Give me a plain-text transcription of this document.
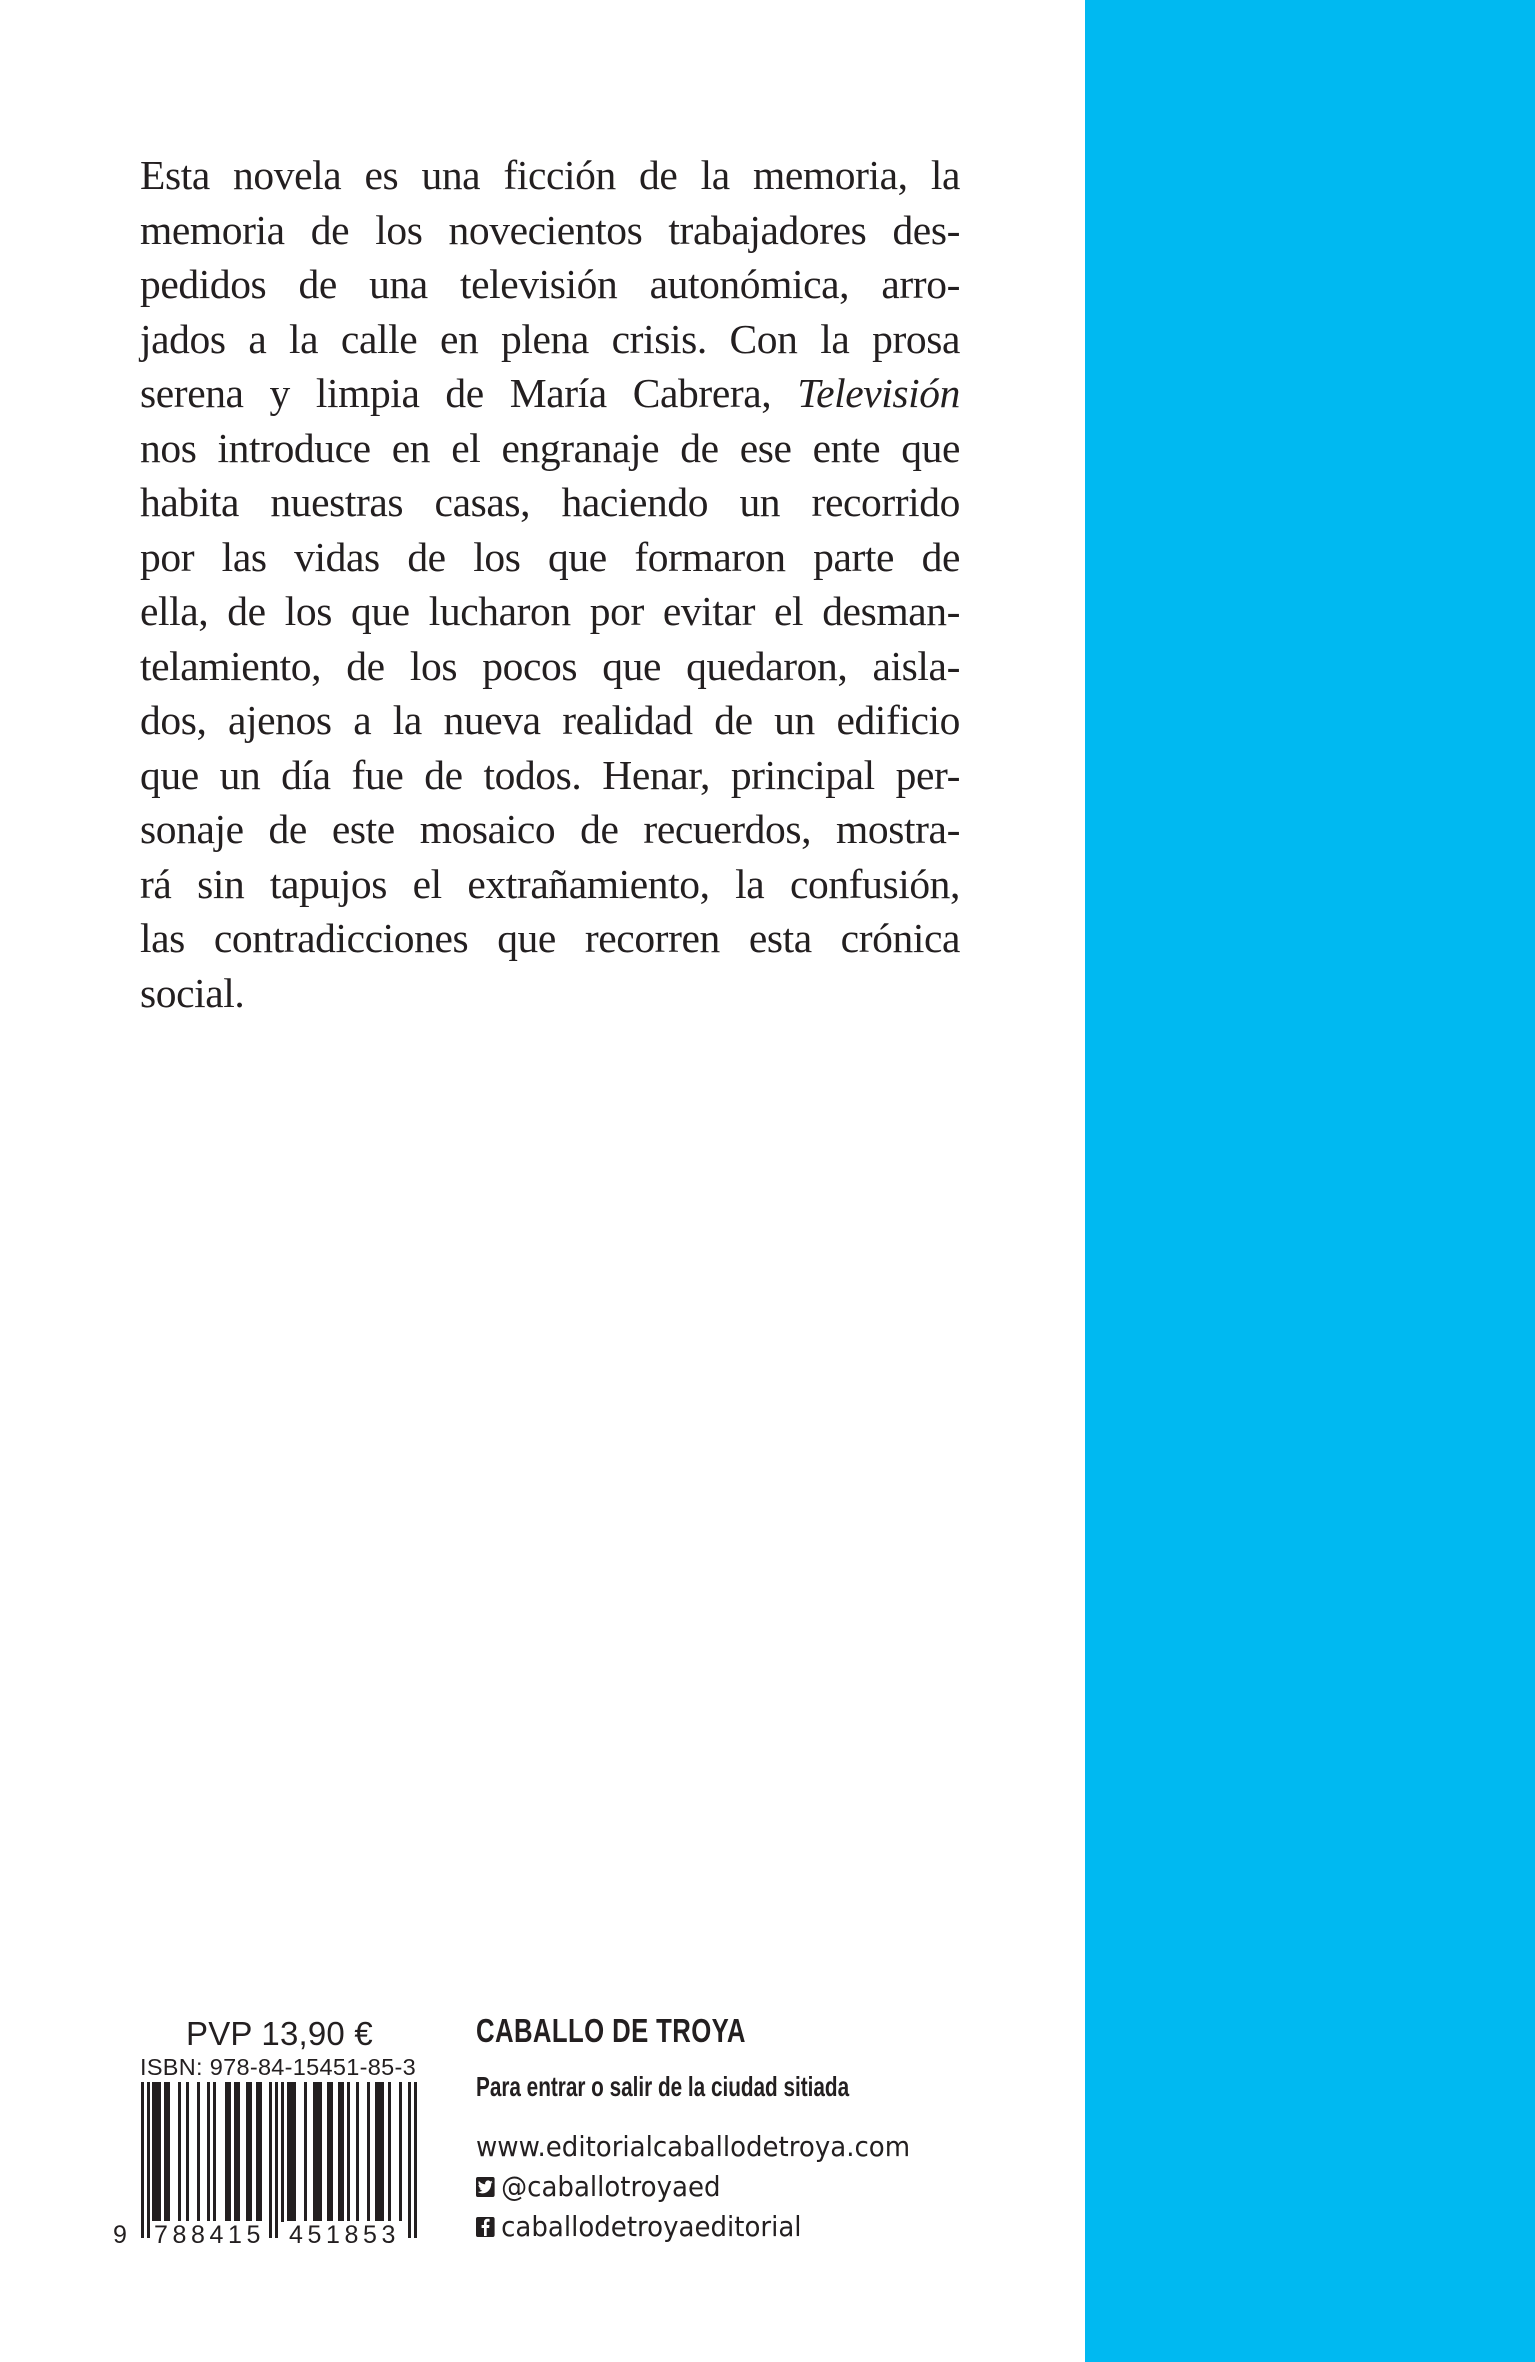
Esta novela es una ficción de la memoria, la
memoria de los novecientos trabajadores des-
pedidos de una televisión autonómica, arro-
jados a la calle en plena crisis. Con la prosa
serena y limpia de María Cabrera, Televisión
nos introduce en el engranaje de ese ente que
habita nuestras casas, haciendo un recorrido
por las vidas de los que formaron parte de
ella, de los que lucharon por evitar el desman-
telamiento, de los pocos que quedaron, aisla-
dos, ajenos a la nueva realidad de un edificio
que un día fue de todos. Henar, principal per-
sonaje de este mosaico de recuerdos, mostra-
rá sin tapujos el extrañamiento, la confusión,
las contradicciones que recorren esta crónica
social.
PVP 13,90 €
ISBN: 978-84-15451-85-3
9 788415 451853
CABALLO DE TROYA
Para entrar o salir de la ciudad sitiada
www.editorialcaballodetroya.com
@caballotroyaed
caballodetroyaeditorial
